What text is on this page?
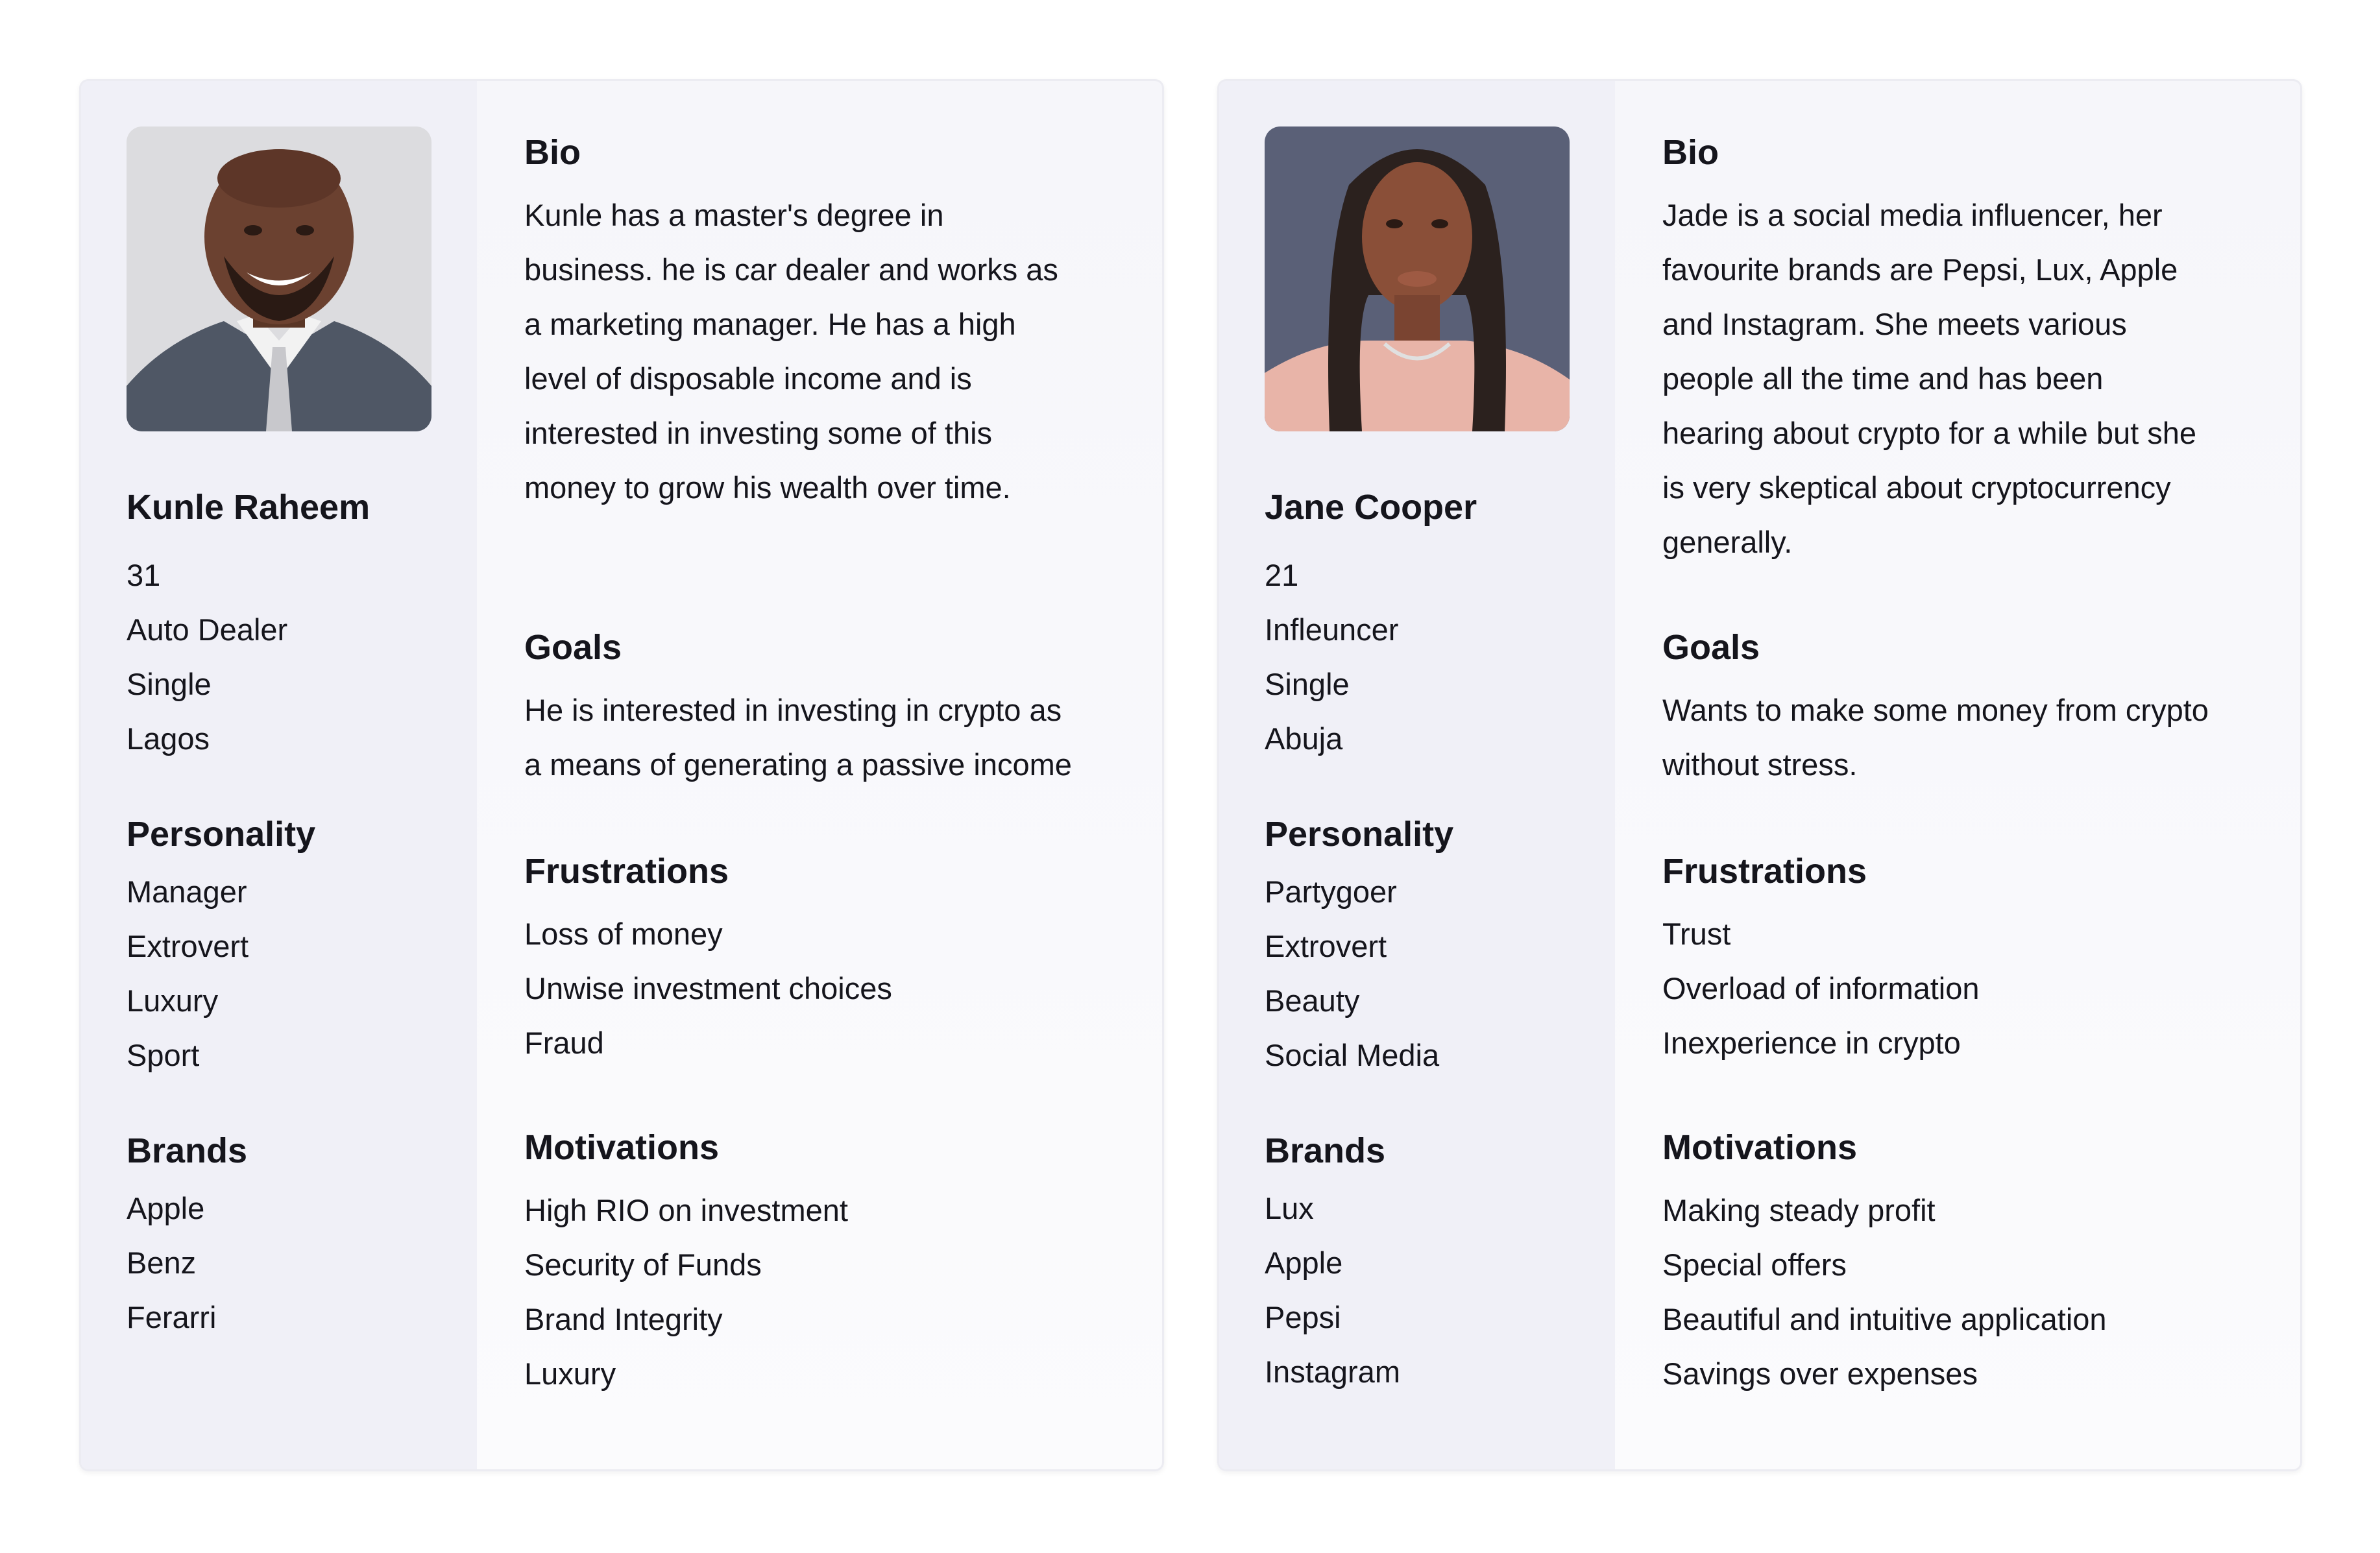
Kunle Raheem
31
Auto Dealer
Single
Lagos
Personality
Manager
Extrovert
Luxury
Sport
Brands
Apple
Benz
Ferarri
Bio
Kunle has a master's degree in
business. he is car dealer and works as
a marketing manager. He has a high
level of disposable income and is
interested in investing some of this
money to grow his wealth over time.
Goals
He is interested in investing in crypto as
a means of generating a passive income
Frustrations
Loss of money
Unwise investment choices
Fraud
Motivations
High RIO on investment
Security of Funds
Brand Integrity
Luxury
Jane Cooper
21
Infleuncer
Single
Abuja
Personality
Partygoer
Extrovert
Beauty
Social Media
Brands
Lux
Apple
Pepsi
Instagram
Bio
Jade is a social media influencer, her
favourite brands are Pepsi, Lux, Apple
and Instagram. She meets various
people all the time and has been
hearing about crypto for a while but she
is very skeptical about cryptocurrency
generally.
Goals
Wants to make some money from crypto
without stress.
Frustrations
Trust
Overload of information
Inexperience in crypto
Motivations
Making steady profit
Special offers
Beautiful and intuitive application
Savings over expenses
